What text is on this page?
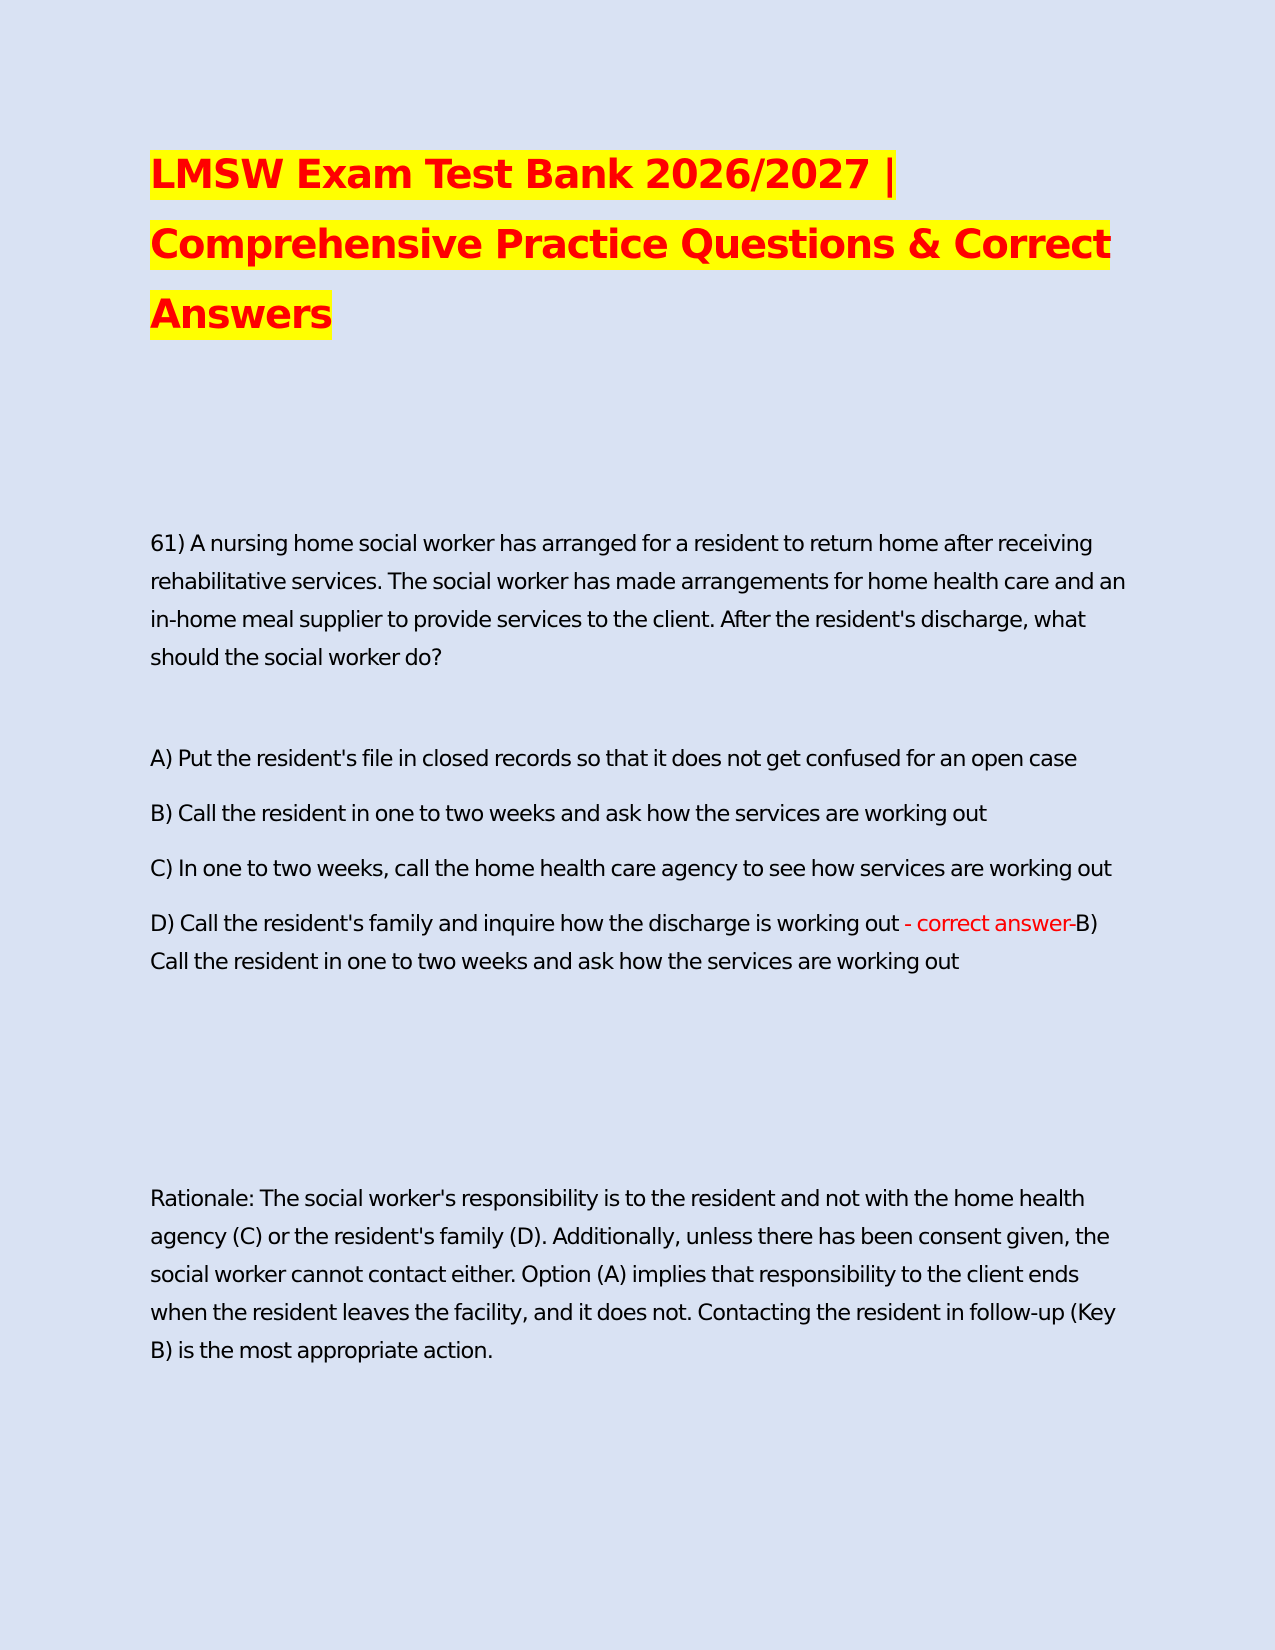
LMSW Exam Test Bank 2026/2027 | Comprehensive Practice Questions & Correct Answers

61) A nursing home social worker has arranged for a resident to return home after receiving rehabilitative services. The social worker has made arrangements for home health care and an in-home meal supplier to provide services to the client. After the resident's discharge, what should the social worker do?

A) Put the resident's file in closed records so that it does not get confused for an open case

B) Call the resident in one to two weeks and ask how the services are working out

C) In one to two weeks, call the home health care agency to see how services are working out

D) Call the resident's family and inquire how the discharge is working out - correct answer-B) Call the resident in one to two weeks and ask how the services are working out

Rationale: The social worker's responsibility is to the resident and not with the home health agency (C) or the resident's family (D). Additionally, unless there has been consent given, the social worker cannot contact either. Option (A) implies that responsibility to the client ends when the resident leaves the facility, and it does not. Contacting the resident in follow-up (Key B) is the most appropriate action.
